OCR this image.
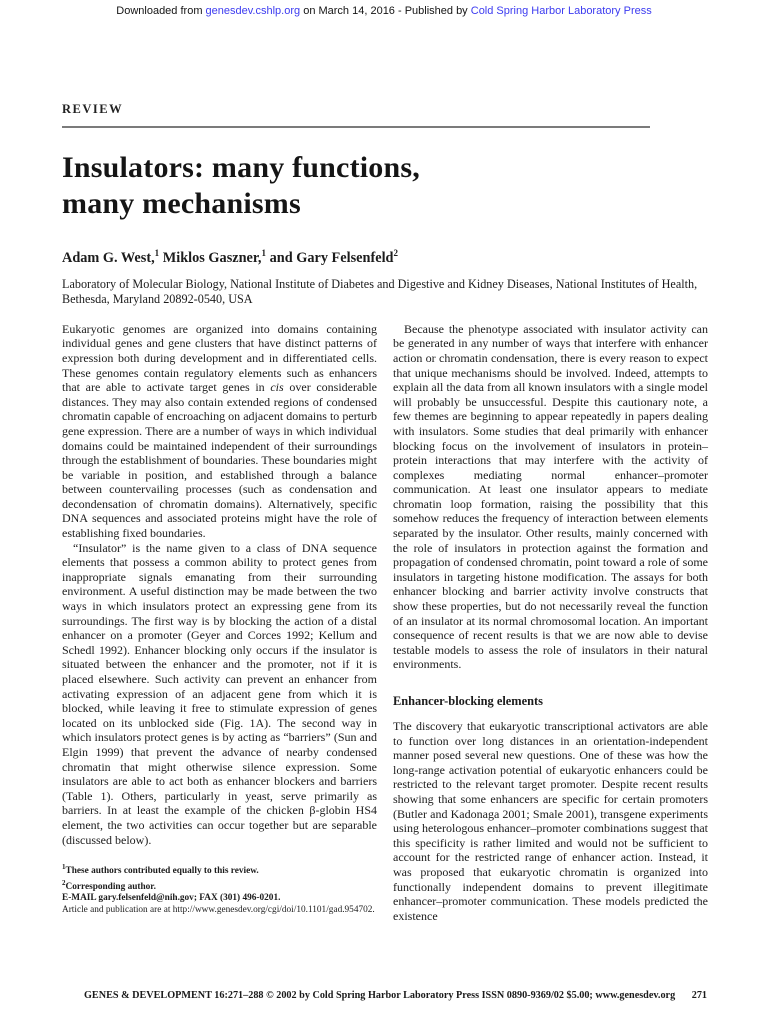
Downloaded from genesdev.cshlp.org on March 14, 2016 - Published by Cold Spring Harbor Laboratory Press
REVIEW
Insulators: many functions,
many mechanisms

Adam G. West,$^1$ Miklos Gaszner,$^1$ and Gary Felsenfeld$^2$

Laboratory of Molecular Biology, National Institute of Diabetes and Digestive and Kidney Diseases, National Institutes of Health, Bethesda, Maryland 20892-0540, USA

Eukaryotic genomes are organized into domains containing individual genes and gene clusters that have distinct patterns of expression both during development and in differentiated cells. These genomes contain regulatory elements such as enhancers that are able to activate target genes in cis over considerable distances. They may also contain extended regions of condensed chromatin capable of encroaching on adjacent domains to perturb gene expression. There are a number of ways in which individual domains could be maintained independent of their surroundings through the establishment of boundaries. These boundaries might be variable in position, and established through a balance between countervailing processes (such as condensation and decondensation of chromatin domains). Alternatively, specific DNA sequences and associated proteins might have the role of establishing fixed boundaries.

“Insulator” is the name given to a class of DNA sequence elements that possess a common ability to protect genes from inappropriate signals emanating from their surrounding environment. A useful distinction may be made between the two ways in which insulators protect an expressing gene from its surroundings. The first way is by blocking the action of a distal enhancer on a promoter (Geyer and Corces 1992; Kellum and Schedl 1992). Enhancer blocking only occurs if the insulator is situated between the enhancer and the promoter, not if it is placed elsewhere. Such activity can prevent an enhancer from activating expression of an adjacent gene from which it is blocked, while leaving it free to stimulate expression of genes located on its unblocked side (Fig. 1A). The second way in which insulators protect genes is by acting as “barriers” (Sun and Elgin 1999) that prevent the advance of nearby condensed chromatin that might otherwise silence expression. Some insulators are able to act both as enhancer blockers and barriers (Table 1). Others, particularly in yeast, serve primarily as barriers. In at least the example of the chicken β-globin HS4 element, the two activities can occur together but are separable (discussed below).

$^1$These authors contributed equally to this review.

$^2$Corresponding author.

E-MAIL gary.felsenfeld@nih.gov; FAX (301) 496-0201.

Article and publication are at http://www.genesdev.org/cgi/doi/10.1101/gad.954702.

Because the phenotype associated with insulator activity can be generated in any number of ways that interfere with enhancer action or chromatin condensation, there is every reason to expect that unique mechanisms should be involved. Indeed, attempts to explain all the data from all known insulators with a single model will probably be unsuccessful. Despite this cautionary note, a few themes are beginning to appear repeatedly in papers dealing with insulators. Some studies that deal primarily with enhancer blocking focus on the involvement of insulators in protein–protein interactions that may interfere with the activity of complexes mediating normal enhancer–promoter communication. At least one insulator appears to mediate chromatin loop formation, raising the possibility that this somehow reduces the frequency of interaction between elements separated by the insulator. Other results, mainly concerned with the role of insulators in protection against the formation and propagation of condensed chromatin, point toward a role of some insulators in targeting histone modification. The assays for both enhancer blocking and barrier activity involve constructs that show these properties, but do not necessarily reveal the function of an insulator at its normal chromosomal location. An important consequence of recent results is that we are now able to devise testable models to assess the role of insulators in their natural environments.

Enhancer-blocking elements

The discovery that eukaryotic transcriptional activators are able to function over long distances in an orientation-independent manner posed several new questions. One of these was how the long-range activation potential of eukaryotic enhancers could be restricted to the relevant target promoter. Despite recent results showing that some enhancers are specific for certain promoters (Butler and Kadonaga 2001; Smale 2001), transgene experiments using heterologous enhancer–promoter combinations suggest that this specificity is rather limited and would not be sufficient to account for the restricted range of enhancer action. Instead, it was proposed that eukaryotic chromatin is organized into functionally independent domains to prevent illegitimate enhancer–promoter communication. These models predicted the existence

GENES & DEVELOPMENT 16:271–288 © 2002 by Cold Spring Harbor Laboratory Press ISSN 0890-9369/02 $5.00; www.genesdev.org 271
